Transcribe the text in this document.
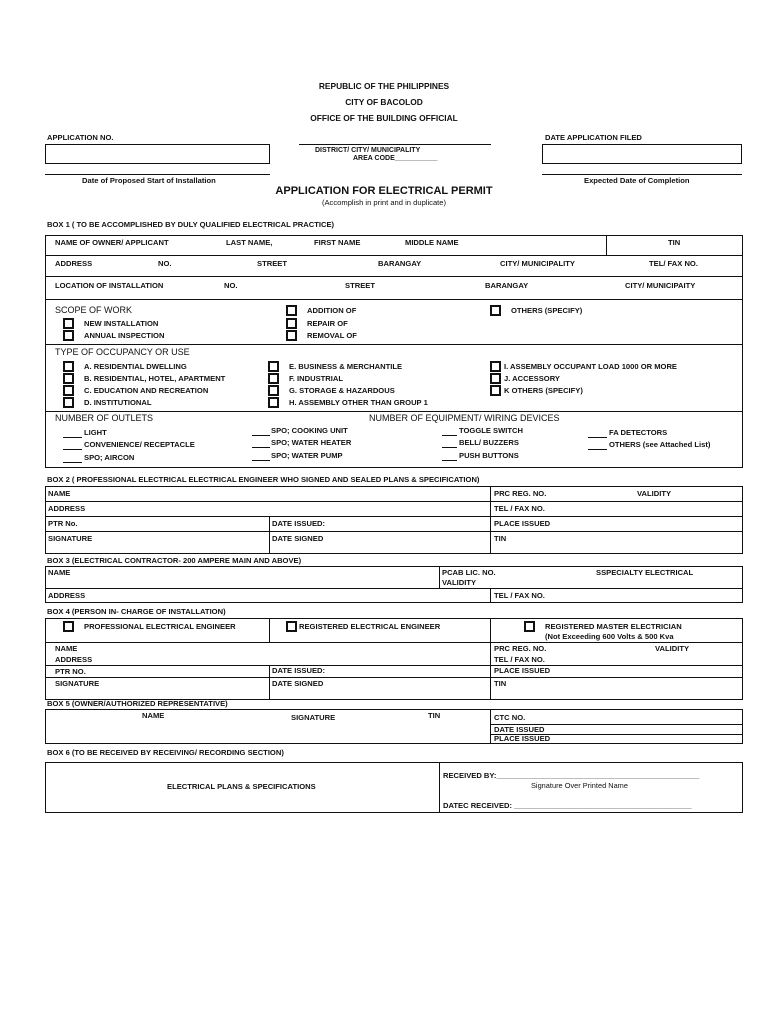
REPUBLIC OF THE PHILIPPINES
CITY OF BACOLOD
OFFICE OF THE BUILDING OFFICIAL
APPLICATION NO.
DISTRICT/ CITY/ MUNICIPALITY
AREA CODE___________
DATE APPLICATION FILED
Date of Proposed Start of Installation	Expected Date of Completion
APPLICATION FOR ELECTRICAL PERMIT
(Accomplish in print and in duplicate)
BOX 1 ( TO BE ACCOMPLISHED BY DULY QUALIFIED ELECTRICAL PRACTICE)
NAME OF OWNER/ APPLICANT	LAST NAME,	FIRST NAME	MIDDLE NAME	TIN
ADDRESS	NO.	STREET	BARANGAY	CITY/ MUNICIPALITY	TEL/ FAX NO.
LOCATION OF INSTALLATION	NO.	STREET	BARANGAY	CITY/ MUNICIPAITY
SCOPE OF WORK
NEW INSTALLATION
ANNUAL INSPECTION
ADDITION OF
REPAIR OF
REMOVAL OF
OTHERS (SPECIFY)
TYPE OF OCCUPANCY OR USE
A. RESIDENTIAL DWELLING
B. RESIDENTIAL, HOTEL, APARTMENT
C. EDUCATION AND RECREATION
D. INSTITUTIONAL
E. BUSINESS & MERCHANTILE
F. INDUSTRIAL
G. STORAGE & HAZARDOUS
H. ASSEMBLY OTHER THAN GROUP 1
I. ASSEMBLY OCCUPANT LOAD 1000 OR MORE
J. ACCESSORY
K OTHERS (SPECIFY)
NUMBER OF OUTLETS	NUMBER OF EQUIPMENT/ WIRING DEVICES
LIGHT
CONVENIENCE/ RECEPTACLE
SPO; AIRCON
SPO; COOKING UNIT
SPO; WATER HEATER
SPO; WATER PUMP
TOGGLE SWITCH
BELL/ BUZZERS
PUSH BUTTONS
FA DETECTORS
OTHERS (see Attached List)
BOX 2 ( PROFESSIONAL ELECTRICAL ELECTRICAL ENGINEER WHO SIGNED AND SEALED PLANS & SPECIFICATION)
NAME	PRC REG. NO.	VALIDITY
ADDRESS	TEL / FAX NO.
PTR No.	DATE ISSUED:	PLACE ISSUED
SIGNATURE	DATE SIGNED	TIN
BOX 3 (ELECTRICAL CONTRACTOR- 200 AMPERE MAIN AND ABOVE)
NAME	PCAB LIC. NO.	SSPECIALTY ELECTRICAL
VALIDITY
ADDRESS	TEL / FAX NO.
BOX 4 (PERSON IN- CHARGE OF INSTALLATION)
PROFESSIONAL ELECTRICAL ENGINEER	REGISTERED ELECTRICAL ENGINEER	REGISTERED MASTER ELECTRICIAN
(Not Exceeding 600 Volts & 500 Kva
NAME	PRC REG. NO.	VALIDITY
ADDRESS	TEL / FAX NO.
PTR NO.	DATE ISSUED:	PLACE ISSUED
SIGNATURE	DATE SIGNED	TIN
BOX 5 (OWNER/AUTHORIZED REPRESENTATIVE)
NAME	SIGNATURE	TIN	CTC NO.
DATE ISSUED
PLACE ISSUED
BOX 6 (TO BE RECEIVED BY RECEIVING/ RECORDING SECTION)
ELECTRICAL PLANS & SPECIFICATIONS
RECEIVED BY:________________________________________________
Signature Over Printed Name
DATEC RECEIVED: __________________________________________
